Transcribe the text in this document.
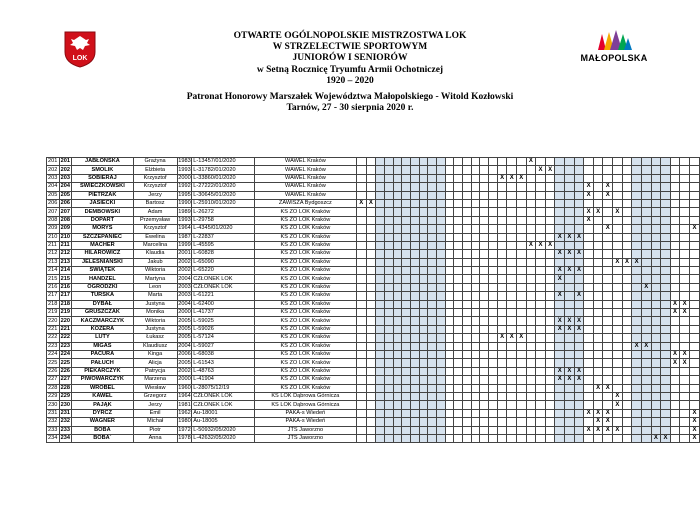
LOK	MAŁOPOLSKA
OTWARTE OGÓLNOPOLSKIE MISTRZOSTWA LOK
W STRZELECTWIE SPORTOWYM
JUNIORÓW I SENIORÓW
w Setną Rocznicę Tryumfu Armii Ochotniczej
1920 – 2020
Patronat Honorowy Marszałek Województwa Małopolskiego - Witold Kozłowski
Tarnów, 27 - 30 sierpnia 2020 r.
201	201	JABŁOŃSKA	Grażyna	1983	L-13457/01/2020	WAWEL Kraków																				X																	
202	202	SMOLIK	Elżbieta	1993	L-31782/01/2020	WAWEL Kraków																					X	X															
203	203	SOBIERAJ	Krzysztof	2000	L-33860/01/2020	WAWEL Kraków																	X	X	X																		
204	204	ŚWIECZKOWSKI	Krzysztof	1992	L-27222/01/2020	WAWEL Kraków																										X		X									
205	205	PIETRZAK	Jerzy	1995	L-30645/01/2020	WAWEL Kraków																										X		X									
206	206	JASIECKI	Bartosz	1990	L-25910/01/2020	ZAWISZA Bydgoszcz	X	X																																			
207	207	DEMBOWSKI	Adam	1989	L-26272	KS ZO LOK Kraków																										X	X		X								
208	208	DOPART	Przemysław	1993	L-29758	KS ZO LOK Kraków																										X											
209	209	MORYŚ	Krzysztof	1964	L-4345/01/2020	KS ZO LOK Kraków																												X									X
210	210	SZCZEPANIEC	Ewelina	1987	L-22837	KS ZO LOK Kraków																							X	X	X												
211	211	MACHER	Marcelina	1999	L-45595	KS ZO LOK Kraków																				X	X	X															
212	212	HILAROWICZ	Klaudia	2001	L-60828	KS ZO LOK Kraków																							X	X	X												
213	213	JELEŚNIAŃSKI	Jakub	2002	L-65090	KS ZO LOK Kraków																													X	X	X						
214	214	ŚWIĄTEK	Wiktoria	2002	L-65220	KS ZO LOK Kraków																							X	X	X												
215	215	HANDZEL	Martyna	2004	CZŁONEK LOK	KS ZO LOK Kraków																							X														
216	216	OGRODZKI	Leon	2003	CZŁONEK LOK	KS ZO LOK Kraków																																X					
217	217	TURSKA	Marta	2003	L-61221	KS ZO LOK Kraków																							X		X												
218	218	DYBAŁ	Justyna	2004	L-62400	KS ZO LOK Kraków																																			X	X	
219	219	GRUSZCZAK	Monika	2000	L-41737	KS ZO LOK Kraków																																			X	X	
220	220	KACZMARCZYK	Wiktoria	2005	L-59025	KS ZO LOK Kraków																							X	X	X												
221	221	KOZERA	Justyna	2005	L-59026	KS ZO LOK Kraków																							X	X	X												
222	222	LUTY	Łukasz	2005	L-57124	KS ZO LOK Kraków																	X	X	X																		
223	223	MIGAS	Klaudiusz	2004	L-59027	KS ZO LOK Kraków																															X	X					
224	224	PACURA	Kinga	2006	L-68038	KS ZO LOK Kraków																																			X	X	
225	225	PAŁUCH	Alicja	2005	L-61543	KS ZO LOK Kraków																																			X	X	
226	226	PIEKARCZYK	Patrycja	2002	L-48763	KS ZO LOK Kraków																							X	X	X												
227	227	PIWOWARCZYK	Marzena	2000	L-41904	KS ZO LOK Kraków																							X	X	X												
228	228	WRÓBEL	Wiesław	1960	L-28075/12/19	KS ZO LOK Kraków																											X	X									
229	229	KAWEL	Grzegorz	1964	CZŁONEK LOK	KS LOK Dąbrowa Górnicza																													X								
230	230	PAJĄK	Jerzy	1981	CZŁONEK LOK	KS LOK Dąbrowa Górnicza																													X								
231	231	DYRCZ	Emil	1962	Au-18001	PAKA-s Wiedeń																										X	X	X									X
232	232	WAGNER	Michał	1980	Au-18005	PAKA-s Wiedeń																											X	X									X
233	233	BOBA	Piotr	1972	L-50932/05/2020	JTS Jaworzno																										X	X	X	X								X
234	234	BOBA`	Anna	1978	L-42632/05/2020	JTS Jaworzno																																	X	X			X
